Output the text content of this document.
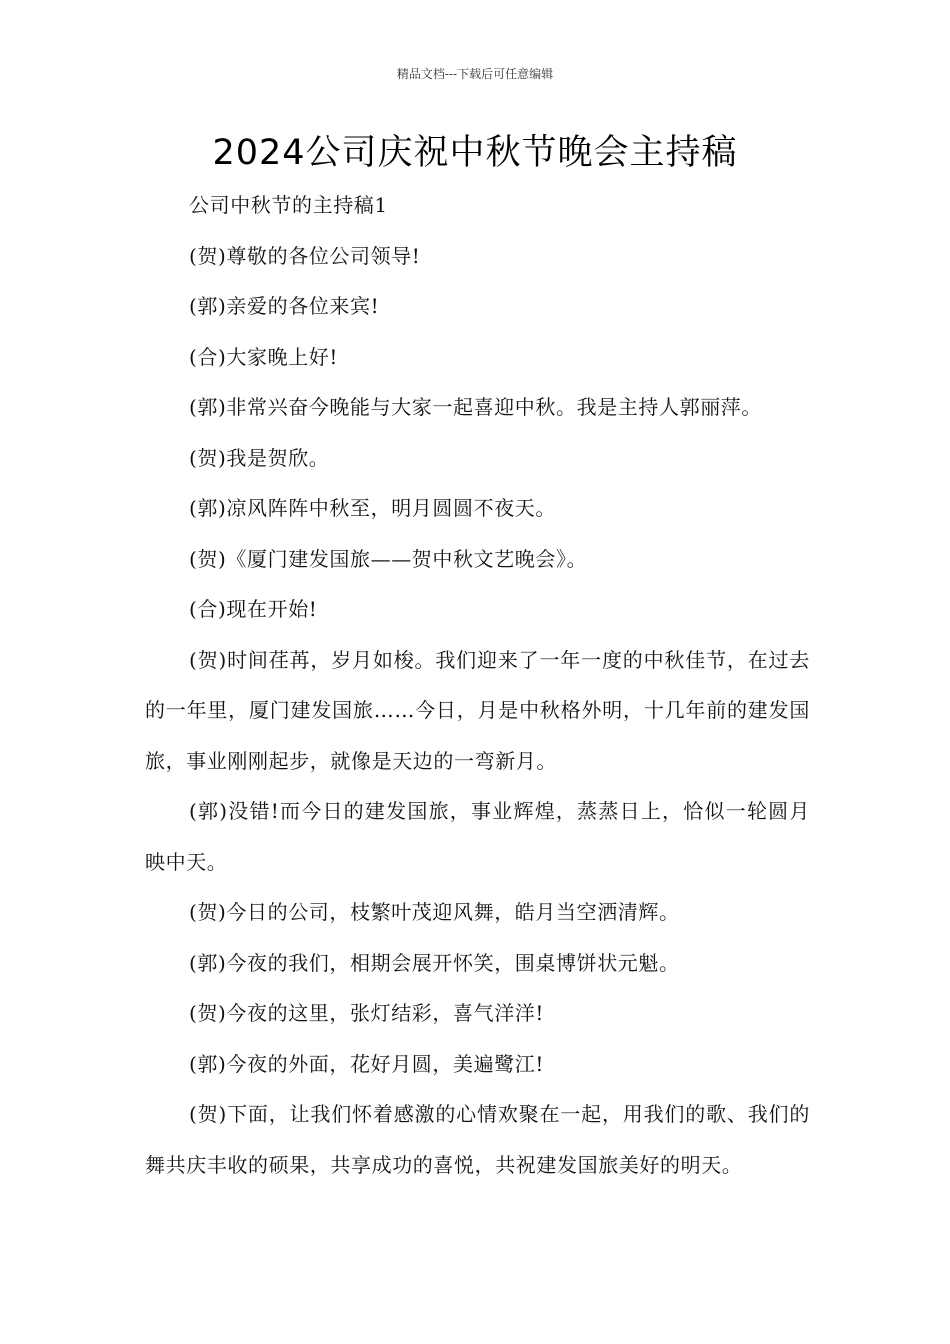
精品文档---下载后可任意编辑
2024公司庆祝中秋节晚会主持稿

公司中秋节的主持稿1

(贺)尊敬的各位公司领导!

(郭)亲爱的各位来宾!

(合)大家晚上好!

(郭)非常兴奋今晚能与大家一起喜迎中秋。我是主持人郭丽萍。

(贺)我是贺欣。

(郭)凉风阵阵中秋至，明月圆圆不夜天。

(贺)《厦门建发国旅——贺中秋文艺晚会》。

(合)现在开始!

(贺)时间荏苒，岁月如梭。我们迎来了一年一度的中秋佳节，在过去的一年里，厦门建发国旅……今日，月是中秋格外明，十几年前的建发国旅，事业刚刚起步，就像是天边的一弯新月。

(郭)没错!而今日的建发国旅，事业辉煌，蒸蒸日上，恰似一轮圆月映中天。

(贺)今日的公司，枝繁叶茂迎风舞，皓月当空洒清辉。

(郭)今夜的我们，相期会展开怀笑，围桌博饼状元魁。

(贺)今夜的这里，张灯结彩，喜气洋洋!

(郭)今夜的外面，花好月圆，美遍鹭江!

(贺)下面，让我们怀着感激的心情欢聚在一起，用我们的歌、我们的舞共庆丰收的硕果，共享成功的喜悦，共祝建发国旅美好的明天。
